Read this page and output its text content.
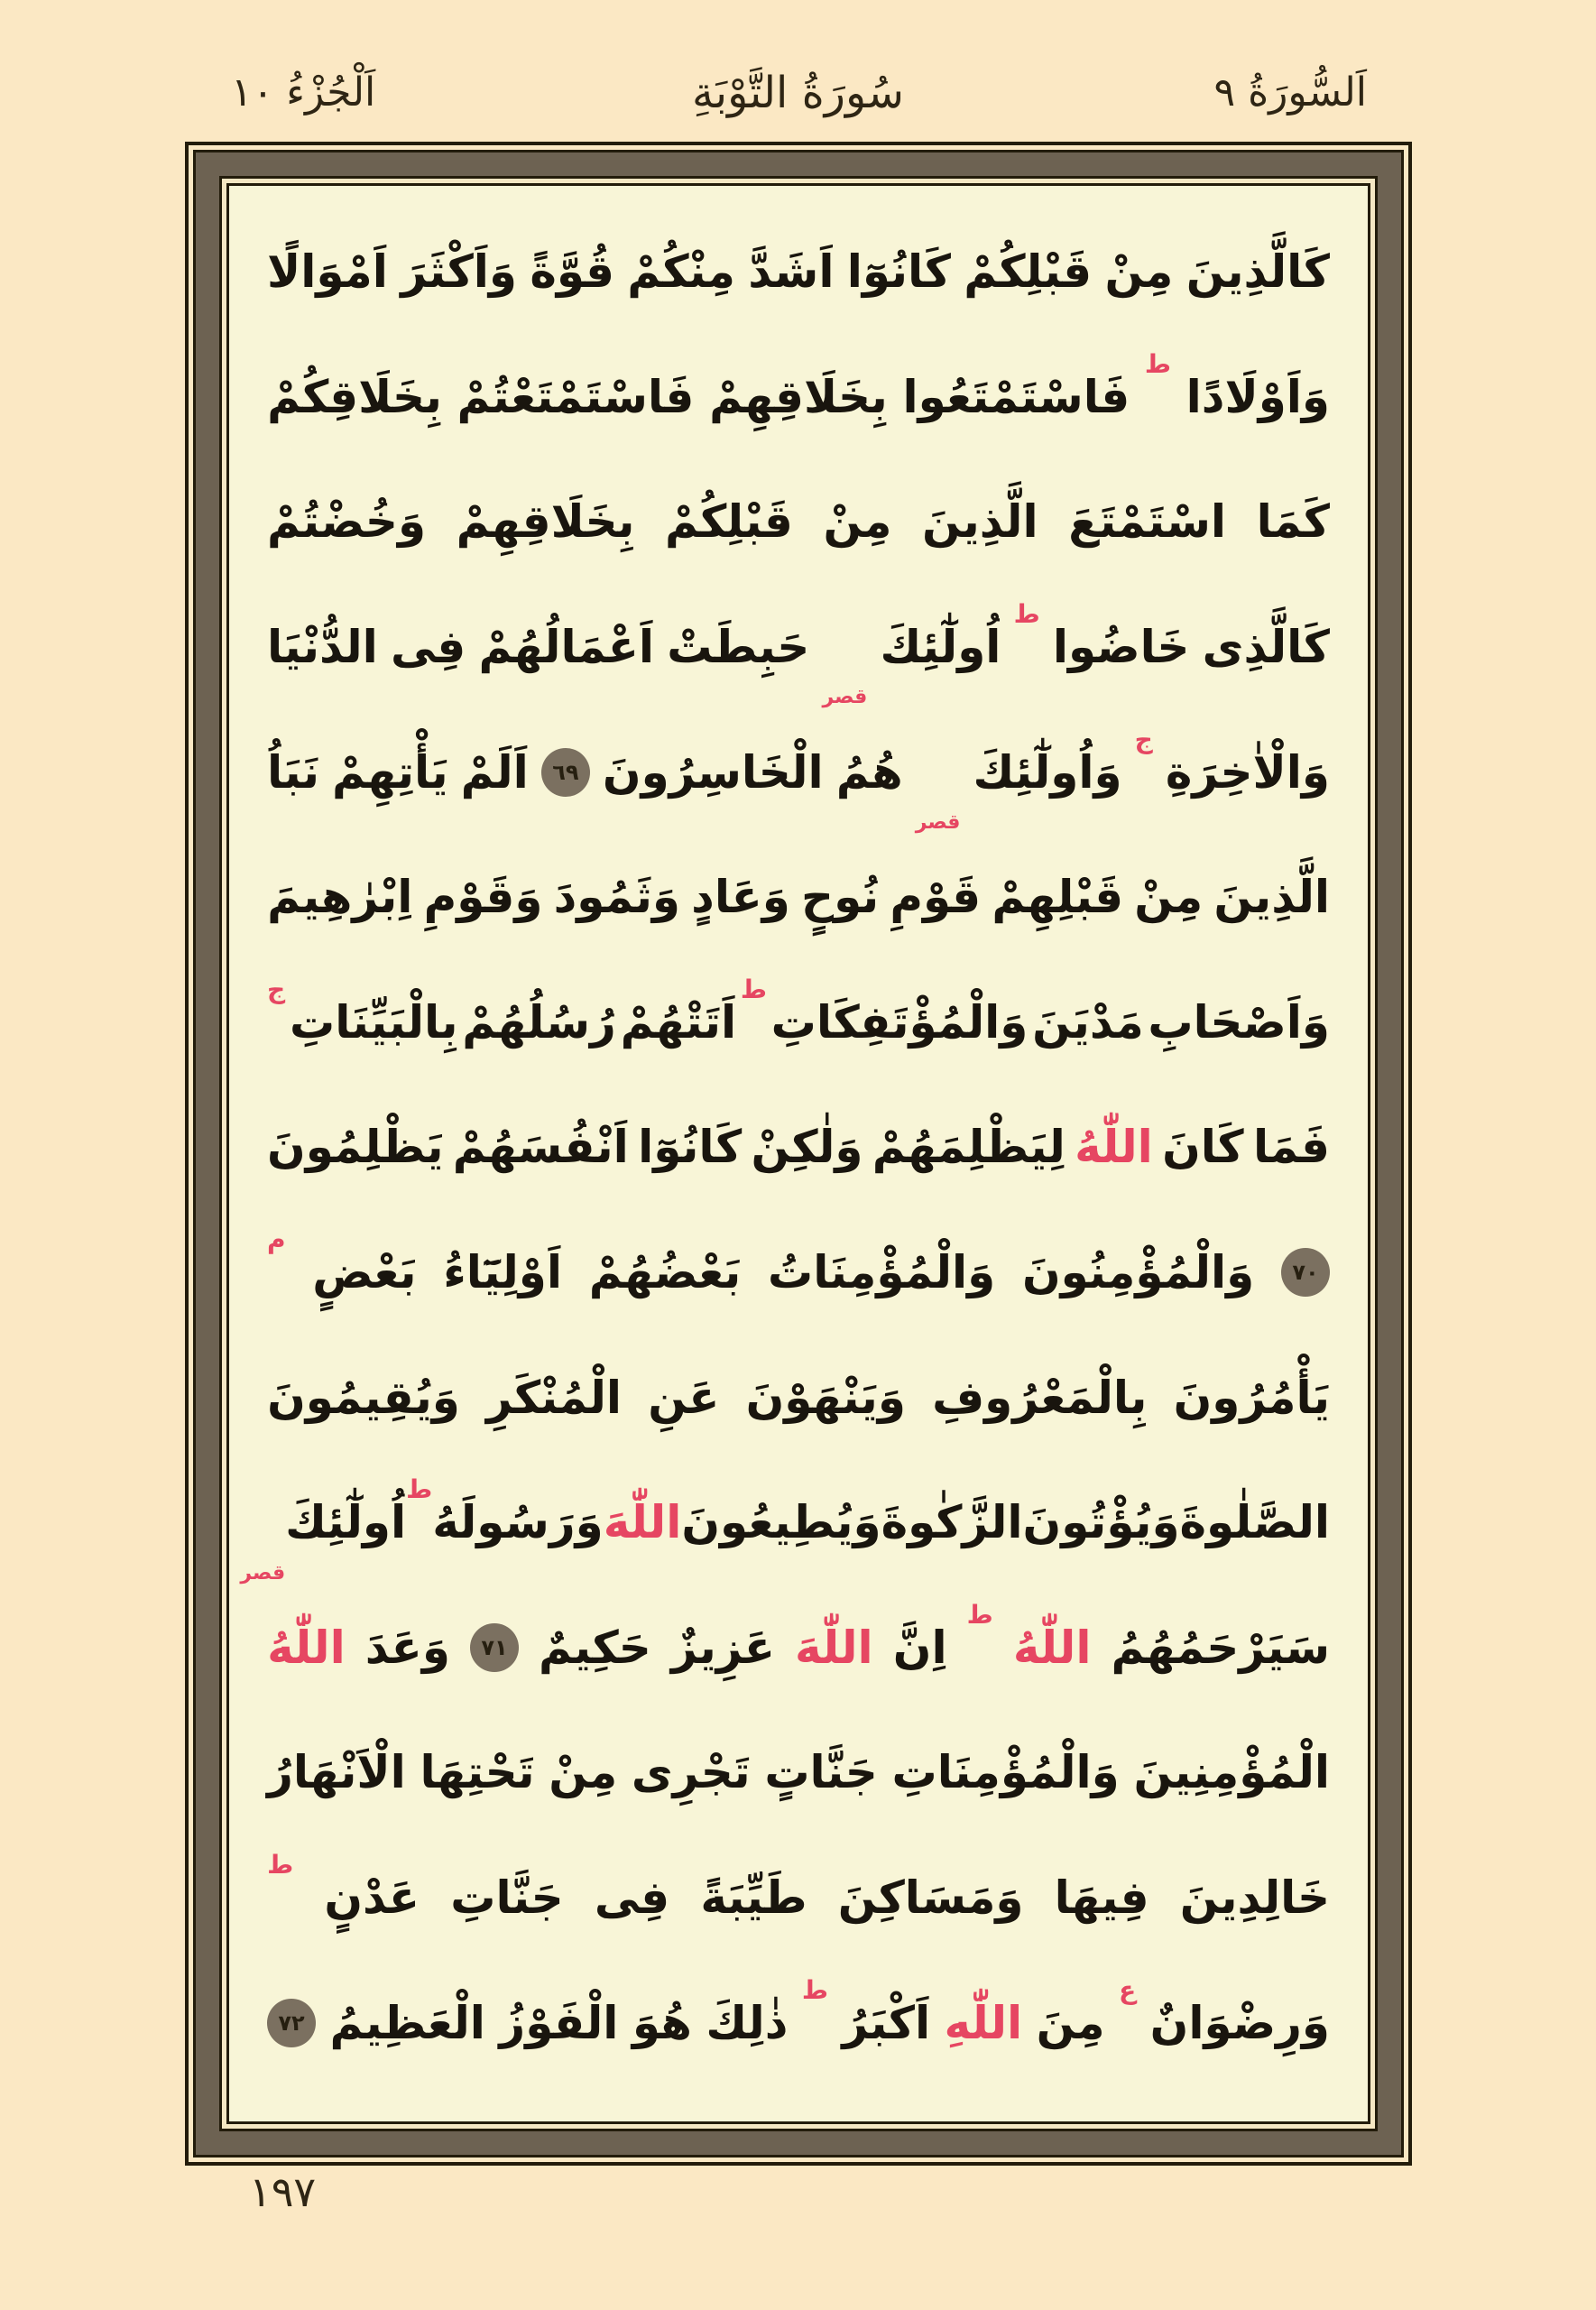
اَلْجُزْءُ ١٠	سُورَةُ التَّوْبَةِ	اَلسُّورَةُ ٩
كَالَّذِينَ
مِنْ
قَبْلِكُمْ
كَانُوٓا
اَشَدَّ
مِنْكُمْ
قُوَّةً
وَاَكْثَرَ
اَمْوَالًا
وَاَوْلَادًا
ط
فَاسْتَمْتَعُوا
بِخَلَاقِهِمْ
فَاسْتَمْتَعْتُمْ
بِخَلَاقِكُمْ
كَمَا
اسْتَمْتَعَ
الَّذِينَ
مِنْ
قَبْلِكُمْ
بِخَلَاقِهِمْ
وَخُضْتُمْ
كَالَّذِى
خَاضُوا
ط
اُولٰٓئِكَ
قصر
حَبِطَتْ
اَعْمَالُهُمْ
فِى
الدُّنْيَا
وَالْاٰخِرَةِ
ج
وَاُولٰٓئِكَ
قصر
هُمُ
الْخَاسِرُونَ
٦٩
اَلَمْ
يَأْتِهِمْ
نَبَاُ
الَّذِينَ
مِنْ
قَبْلِهِمْ
قَوْمِ
نُوحٍ
وَعَادٍ
وَثَمُودَ
وَقَوْمِ
اِبْرٰهِيمَ
وَاَصْحَابِ
مَدْيَنَ
وَالْمُؤْتَفِكَاتِ
ط
اَتَتْهُمْ
رُسُلُهُمْ
بِالْبَيِّنَاتِ
ج
فَمَا
كَانَ
اللّٰهُ
لِيَظْلِمَهُمْ
وَلٰكِنْ
كَانُوٓا
اَنْفُسَهُمْ
يَظْلِمُونَ
٧٠
وَالْمُؤْمِنُونَ
وَالْمُؤْمِنَاتُ
بَعْضُهُمْ
اَوْلِيَٓاءُ
بَعْضٍ
م
يَأْمُرُونَ
بِالْمَعْرُوفِ
وَيَنْهَوْنَ
عَنِ
الْمُنْكَرِ
وَيُقِيمُونَ
الصَّلٰوةَ
وَيُؤْتُونَ
الزَّكٰوةَ
وَيُطِيعُونَ
اللّٰهَ
وَرَسُولَهُ
ط
اُولٰٓئِكَ
قصر
سَيَرْحَمُهُمُ
اللّٰهُ
ط
اِنَّ
اللّٰهَ
عَزِيزٌ
حَكِيمٌ
٧١
وَعَدَ
اللّٰهُ
الْمُؤْمِنِينَ
وَالْمُؤْمِنَاتِ
جَنَّاتٍ
تَجْرِى
مِنْ
تَحْتِهَا
الْاَنْهَارُ
خَالِدِينَ
فِيهَا
وَمَسَاكِنَ
طَيِّبَةً
فِى
جَنَّاتِ
عَدْنٍ
ط
وَرِضْوَانٌ
ع
مِنَ
اللّٰهِ
اَكْبَرُ
ط
ذٰلِكَ
هُوَ
الْفَوْزُ
الْعَظِيمُ
٧٢
١٩٧
